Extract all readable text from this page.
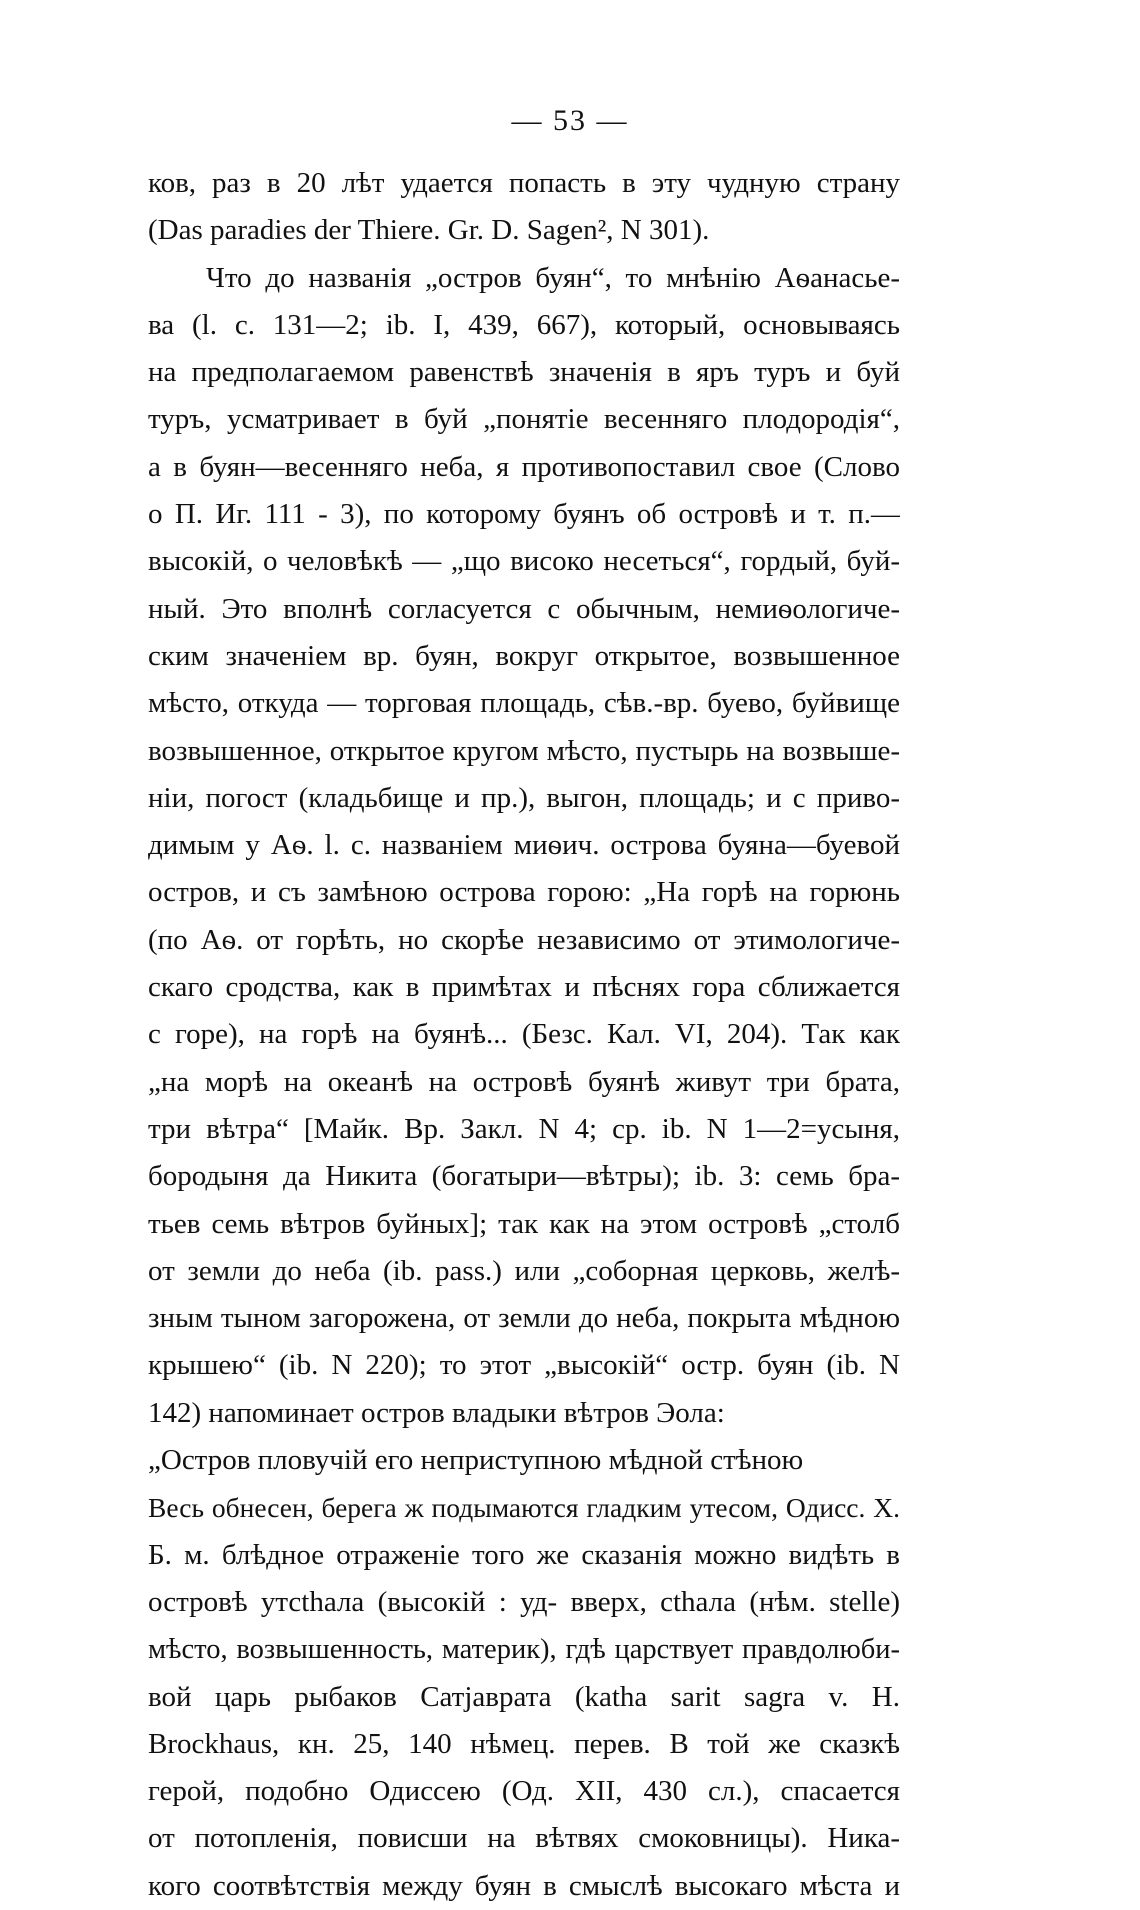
— 53 —
ков, раз в 20 лѣт удается попасть в эту чудную страну
(Das paradies der Thiere. Gr. D. Sagen², N 301).
Что до названія „остров буян“, то мнѣнію Аѳанасье-
ва (l. c. 131—2; ib. I, 439, 667), который, основываясь
на предполагаемом равенствѣ значенія в яръ туръ и буй
туръ, усматривает в буй „понятіе весенняго плодородія“,
а в буян—весенняго неба, я противопоставил свое (Слово
о П. Иг. 111 - 3), по которому буянъ об островѣ и т. п.—
высокій, о человѣкѣ — „що високо несеться“, гордый, буй-
ный. Это вполнѣ согласуется с обычным, немиѳологиче-
ским значеніем вр. буян, вокруг открытое, возвышенное
мѣсто, откуда — торговая площадь, сѣв.-вр. буево, буйвище
возвышенное, открытое кругом мѣсто, пустырь на возвыше-
ніи, погост (кладьбище и пр.), выгон, площадь; и с приво-
димым у Аѳ. l. c. названіем миѳич. острова буяна—буевой
остров, и съ замѣною острова горою: „На горѣ на горюнь
(по Аѳ. от горѣть, но скорѣе независимо от этимологиче-
скаго сродства, как в примѣтах и пѣснях гора сближается
с горе), на горѣ на буянѣ... (Безс. Кал. VI, 204). Так как
„на морѣ на океанѣ на островѣ буянѣ живут три брата,
три вѣтра“ [Майк. Вр. Закл. N 4; ср. ib. N 1—2=усыня,
бородыня да Никита (богатыри—вѣтры); ib. 3: семь бра-
тьев семь вѣтров буйных]; так как на этом островѣ „столб
от земли до неба (ib. pass.) или „соборная церковь, желѣ-
зным тыном загорожена, от земли до неба, покрыта мѣдною
крышею“ (ib. N 220); то этот „высокій“ остр. буян (ib. N
142) напоминает остров владыки вѣтров Эола:
„Остров пловучій его неприступною мѣдной стѣною
Весь обнесен, берега ж подымаются гладким утесом, Одисс. X.
Б. м. блѣдное отраженіе того же сказанія можно видѣть в
островѣ утсthала (высокій : уд- вверх, сthала (нѣм. stelle)
мѣсто, возвышенность, материк), гдѣ царствует правдолюби-
вой царь рыбаков Сатjаврата (katha sarit sagra v. H.
Brockhaus, кн. 25, 140 нѣмец. перев. В той же сказкѣ
герой, подобно Одиссею (Од. XII, 430 сл.), спасается
от потопленія, повисши на вѣтвях смоковницы). Ника-
кого соотвѣтствія между буян в смыслѣ высокаго мѣста и
